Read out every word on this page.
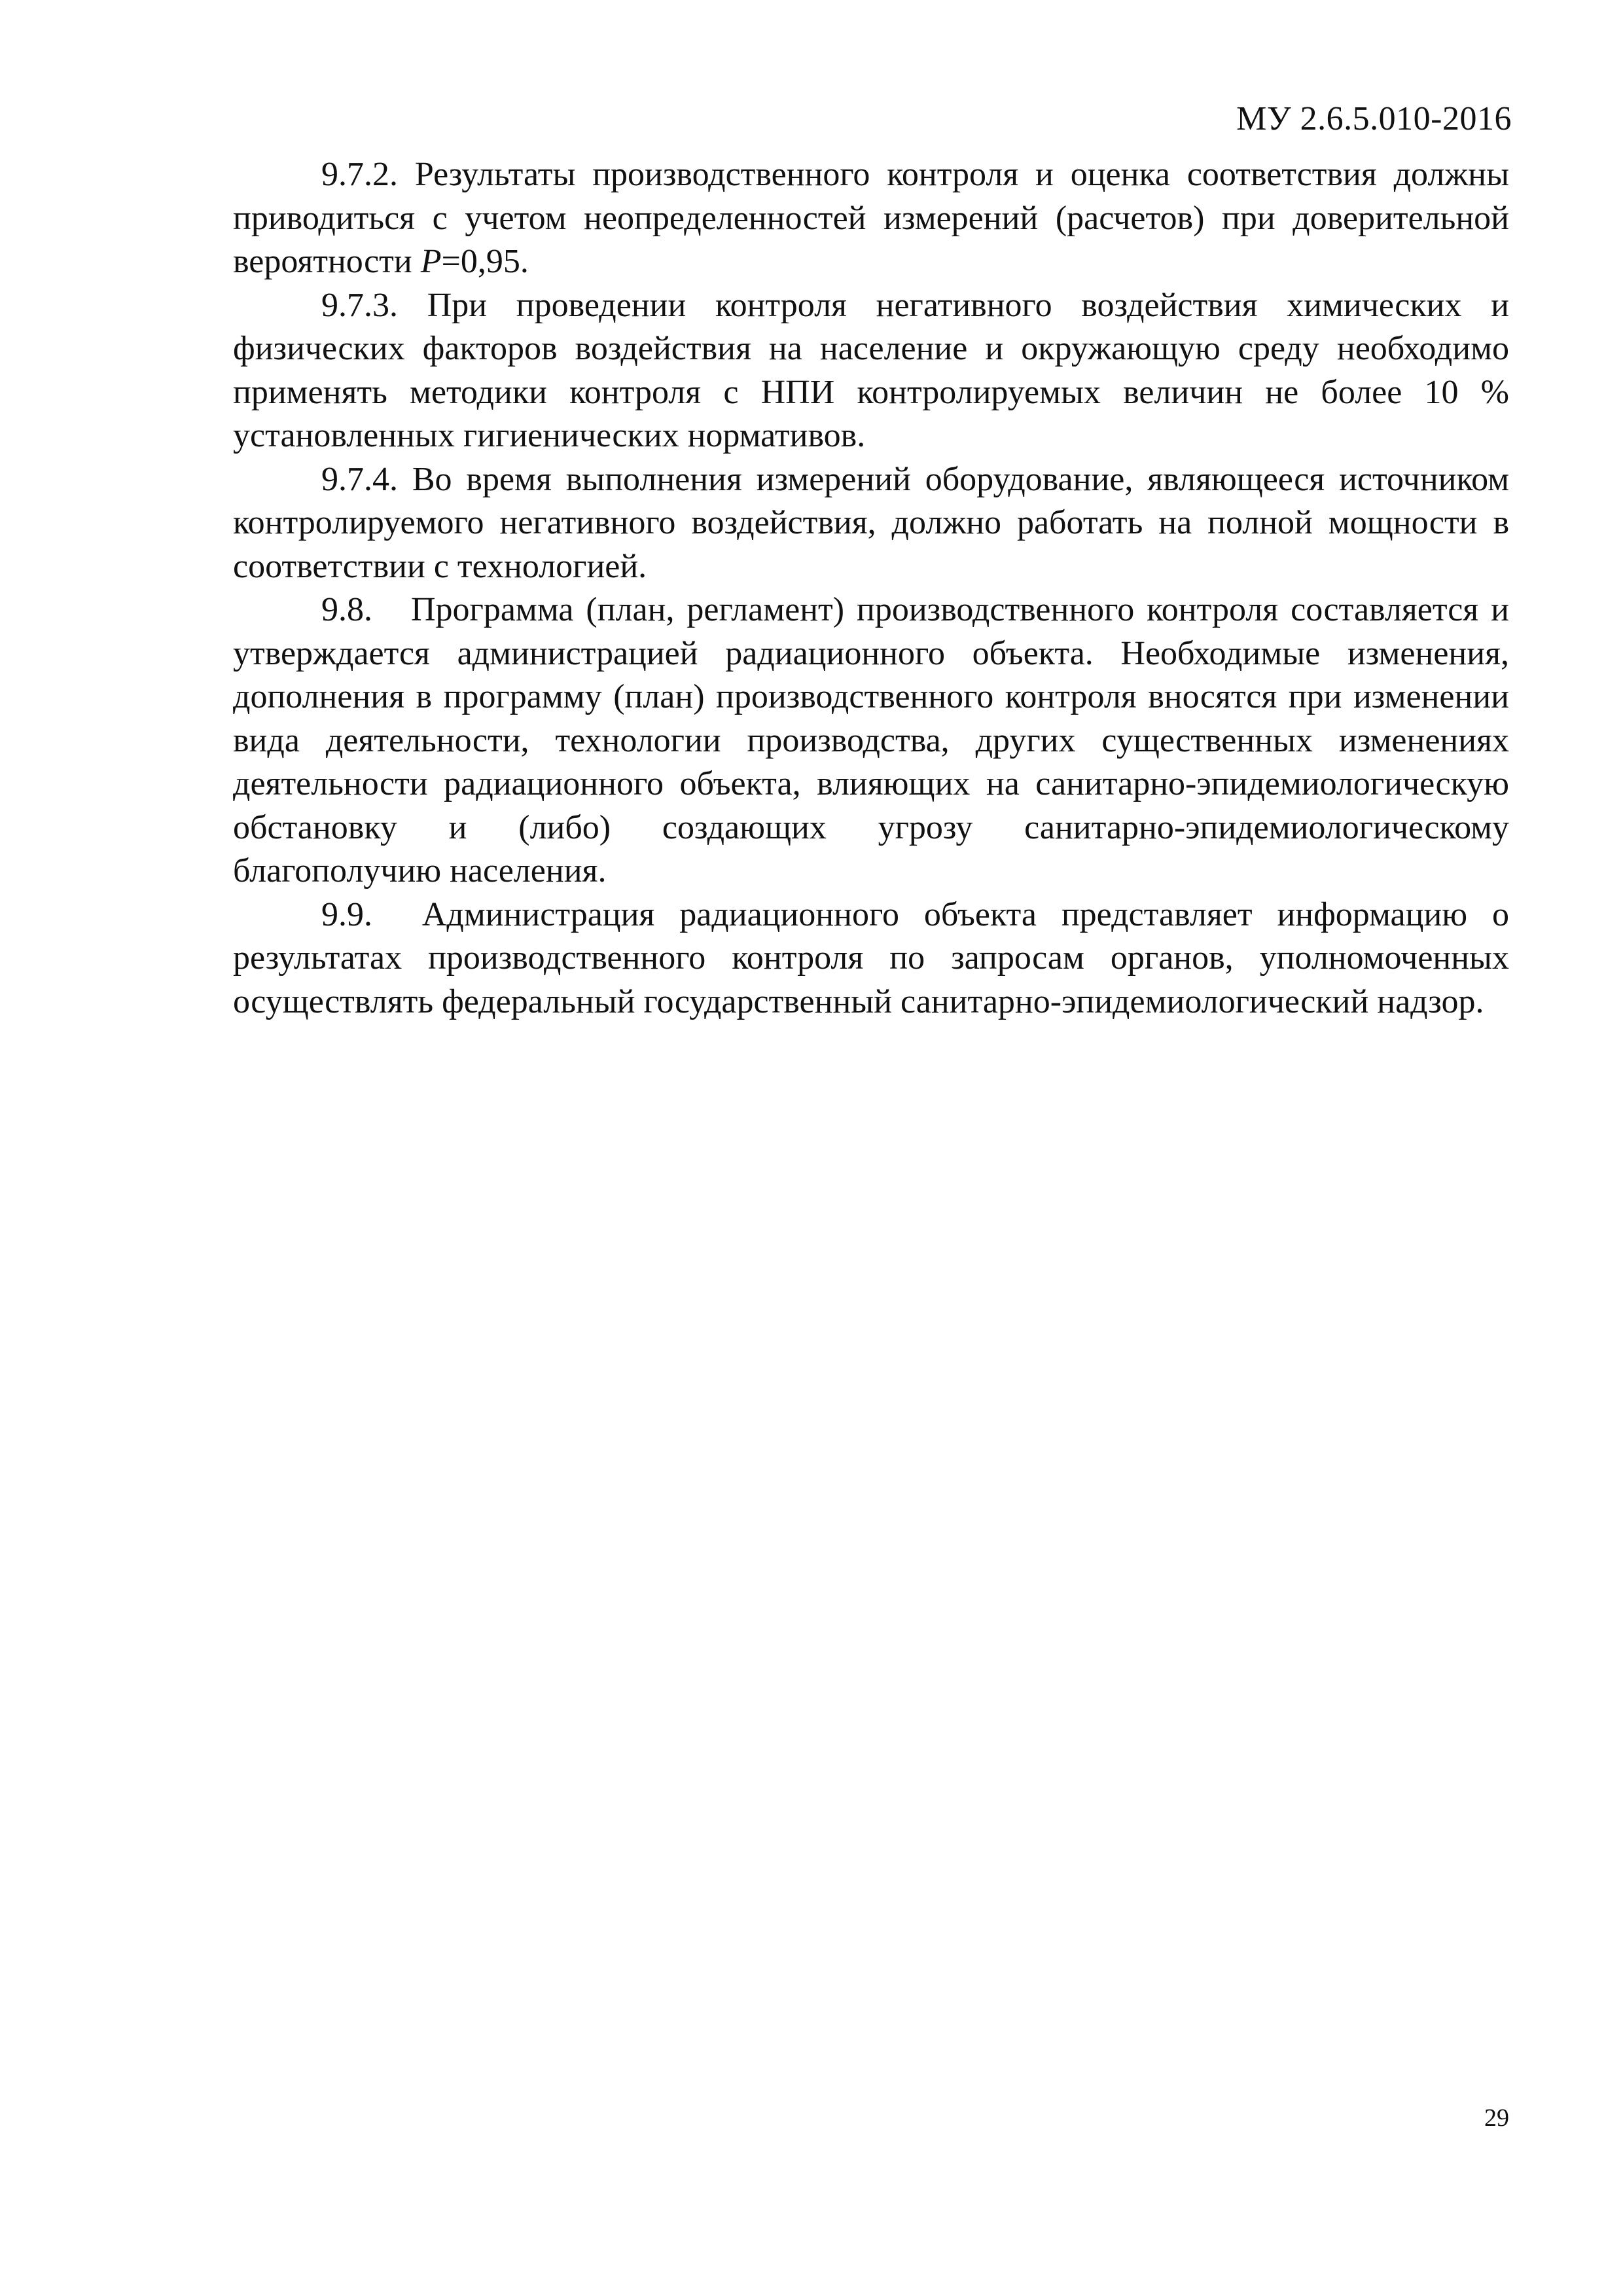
МУ 2.6.5.010-2016

9.7.2. Результаты производственного контроля и оценка соответствия должны приводиться с учетом неопределенностей измерений (расчетов) при доверительной вероятности P=0,95.

9.7.3. При проведении контроля негативного воздействия химических и физических факторов воздействия на население и окружающую среду необходимо применять методики контроля с НПИ контролируемых величин не более 10 % установленных гигиенических нормативов.

9.7.4. Во время выполнения измерений оборудование, являющееся источником контролируемого негативного воздействия, должно работать на полной мощности в соответствии с технологией.

9.8. Программа (план, регламент) производственного контроля составляется и утверждается администрацией радиационного объекта. Необходимые изменения, дополнения в программу (план) производственного контроля вносятся при изменении вида деятельности, технологии производства, других существенных изменениях деятельности радиационного объекта, влияющих на санитарно-эпидемиологическую обстановку и (либо) создающих угрозу санитарно-эпидемиологическому благополучию населения.

9.9. Администрация радиационного объекта представляет информацию о результатах производственного контроля по запросам органов, уполномоченных осуществлять федеральный государственный санитарно-эпидемиологический надзор.

29
